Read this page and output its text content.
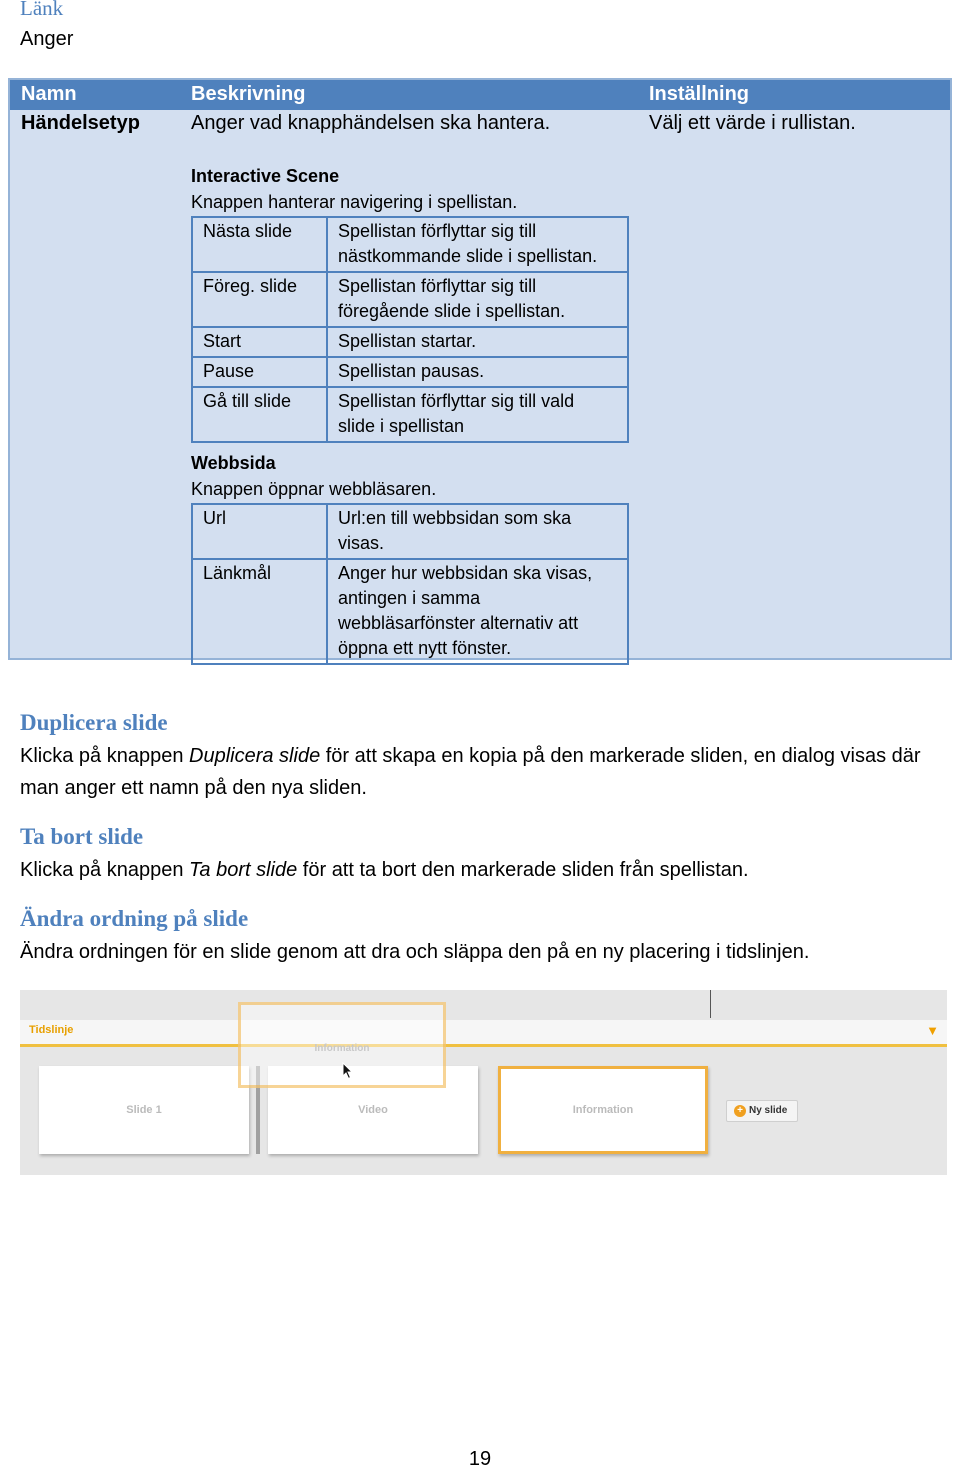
Länk
Anger
Namn	Beskrivning	Inställning
Händelsetyp	Anger vad knapphändelsen ska hantera.	Välj ett värde i rullistan.
Interactive Scene
Knappen hanterar navigering i spellistan.
Nästa slide	Spellistan förflyttar sig till
nästkommande slide i spellistan.

Föreg. slide	Spellistan förflyttar sig till
föregående slide i spellistan.

Start	Spellistan startar.
Pause	Spellistan pausas.
Gå till slide	Spellistan förflyttar sig till vald
slide i spellistan
Webbsida
Knappen öppnar webbläsaren.
Url	Url:en till webbsidan som ska
visas.

Länkmål	Anger hur webbsidan ska visas,
antingen i samma
webbläsarfönster alternativ att
öppna ett nytt fönster.
Duplicera slide
Klicka på knappen Duplicera slide för att skapa en kopia på den markerade sliden, en dialog visas där man anger ett namn på den nya sliden.
Ta bort slide
Klicka på knappen Ta bort slide för att ta bort den markerade sliden från spellistan.
Ändra ordning på slide
Ändra ordningen för en slide genom att dra och släppa den på en ny placering i tidslinjen.
Tidslinje	▼
Slide 1	Video	Information
Information
+ Ny slide
19
